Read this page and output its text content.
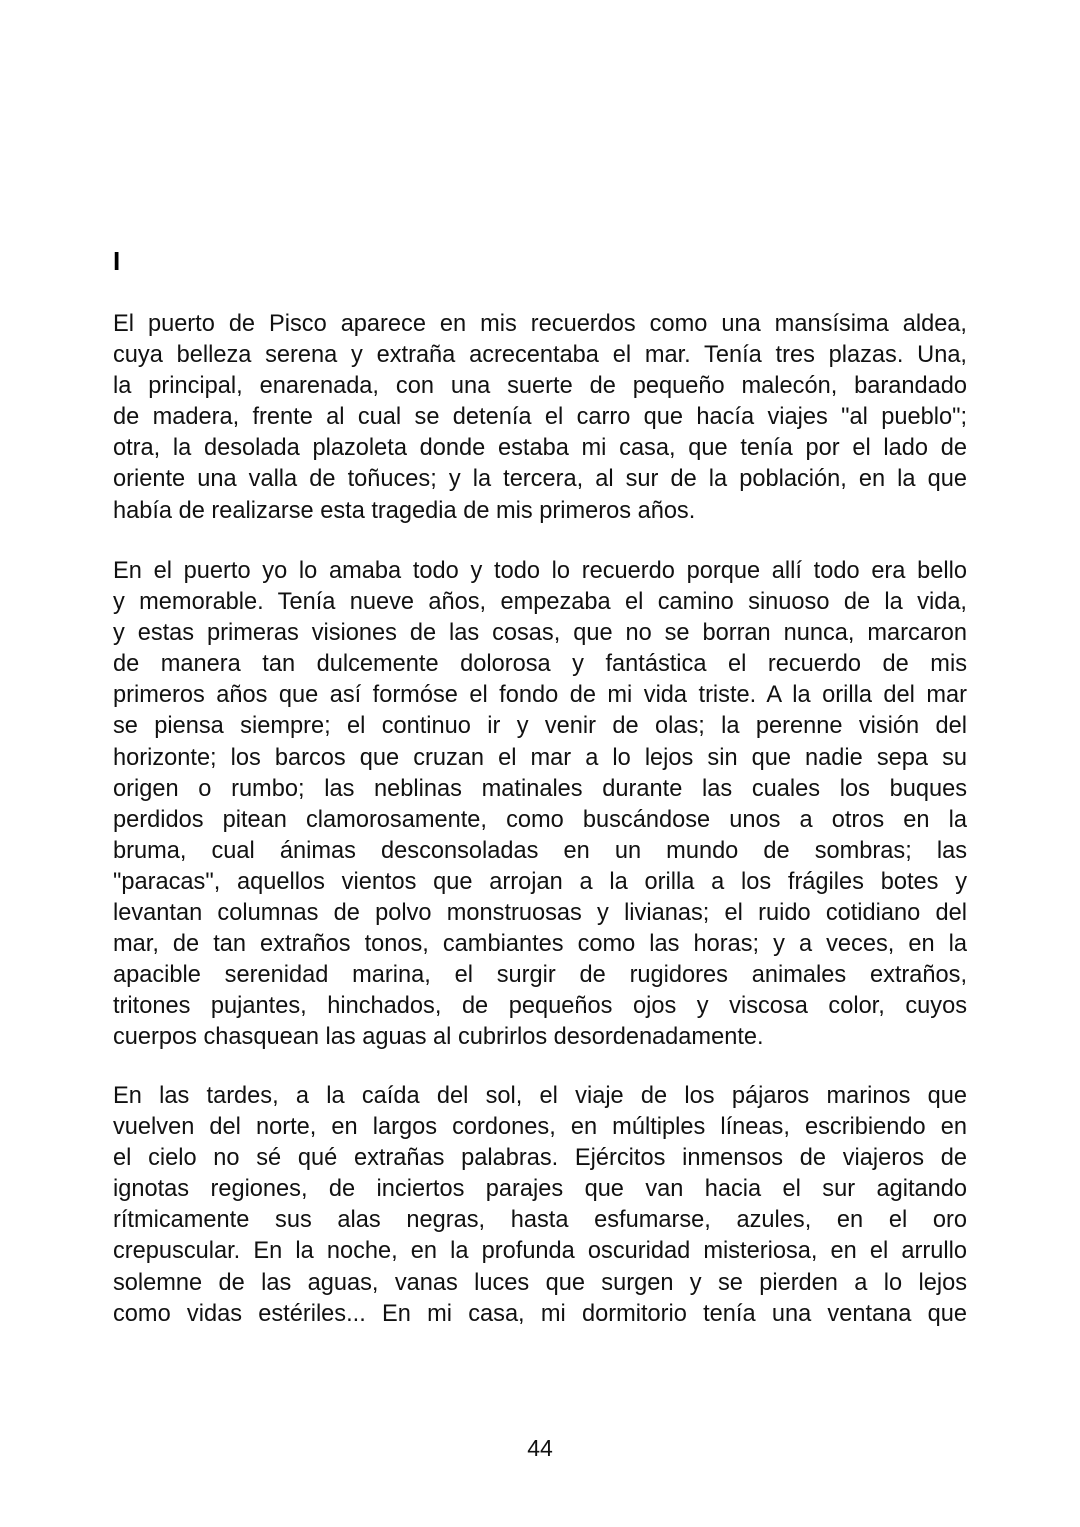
I
El puerto de Pisco aparece en mis recuerdos como una mansísima aldea,
cuya belleza serena y extraña acrecentaba el mar. Tenía tres plazas. Una,
la principal, enarenada, con una suerte de pequeño malecón, barandado
de madera, frente al cual se detenía el carro que hacía viajes "al pueblo";
otra, la desolada plazoleta donde estaba mi casa, que tenía por el lado de
oriente una valla de toñuces; y la tercera, al sur de la población, en la que
había de realizarse esta tragedia de mis primeros años.
En el puerto yo lo amaba todo y todo lo recuerdo porque allí todo era bello
y memorable. Tenía nueve años, empezaba el camino sinuoso de la vida,
y estas primeras visiones de las cosas, que no se borran nunca, marcaron
de manera tan dulcemente dolorosa y fantástica el recuerdo de mis
primeros años que así formóse el fondo de mi vida triste. A la orilla del mar
se piensa siempre; el continuo ir y venir de olas; la perenne visión del
horizonte; los barcos que cruzan el mar a lo lejos sin que nadie sepa su
origen o rumbo; las neblinas matinales durante las cuales los buques
perdidos pitean clamorosamente, como buscándose unos a otros en la
bruma, cual ánimas desconsoladas en un mundo de sombras; las
"paracas", aquellos vientos que arrojan a la orilla a los frágiles botes y
levantan columnas de polvo monstruosas y livianas; el ruido cotidiano del
mar, de tan extraños tonos, cambiantes como las horas; y a veces, en la
apacible serenidad marina, el surgir de rugidores animales extraños,
tritones pujantes, hinchados, de pequeños ojos y viscosa color, cuyos
cuerpos chasquean las aguas al cubrirlos desordenadamente.
En las tardes, a la caída del sol, el viaje de los pájaros marinos que
vuelven del norte, en largos cordones, en múltiples líneas, escribiendo en
el cielo no sé qué extrañas palabras. Ejércitos inmensos de viajeros de
ignotas regiones, de inciertos parajes que van hacia el sur agitando
rítmicamente sus alas negras, hasta esfumarse, azules, en el oro
crepuscular. En la noche, en la profunda oscuridad misteriosa, en el arrullo
solemne de las aguas, vanas luces que surgen y se pierden a lo lejos
como vidas estériles... En mi casa, mi dormitorio tenía una ventana que
44
